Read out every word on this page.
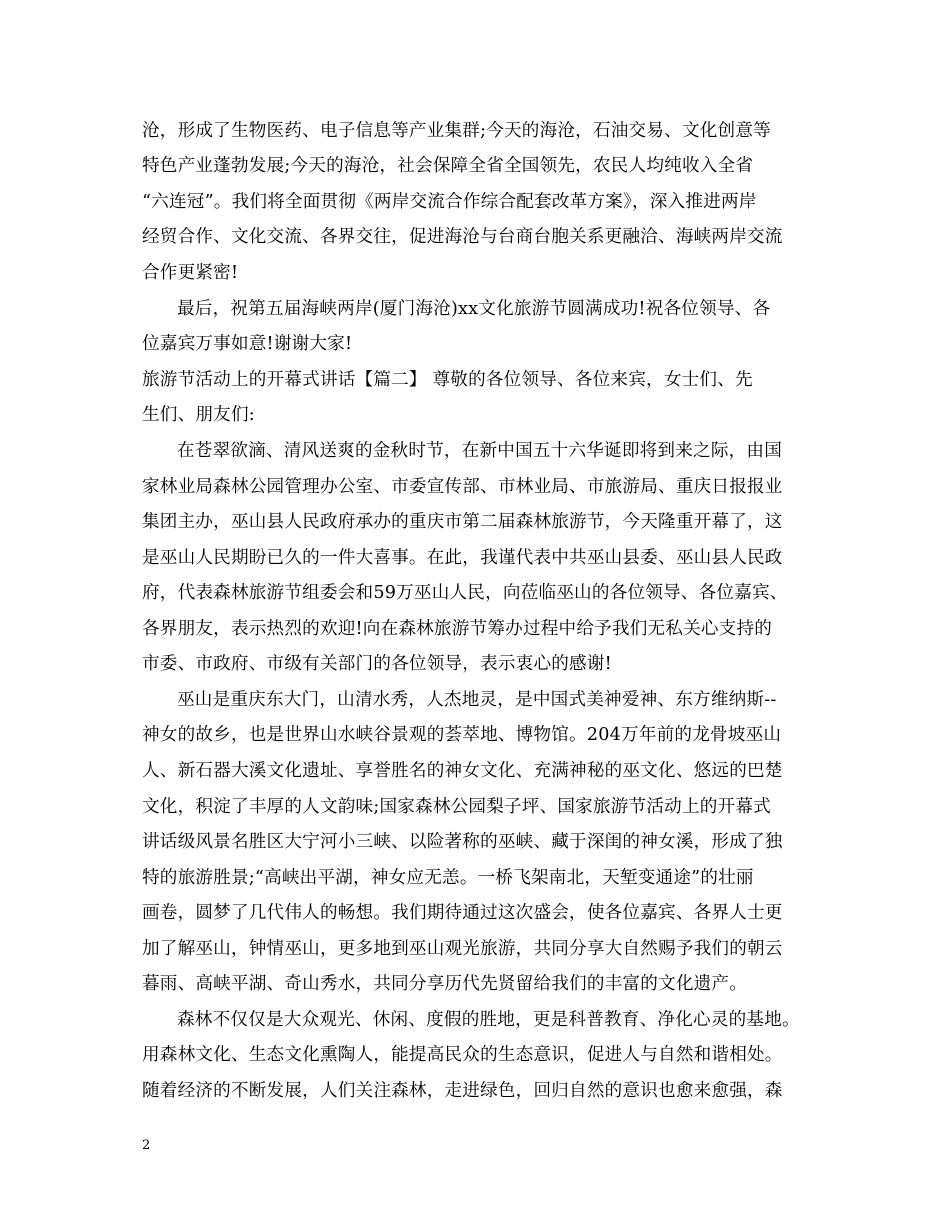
沧，形成了生物医药、电子信息等产业集群;今天的海沧，石油交易、文化创意等
特色产业蓬勃发展;今天的海沧，社会保障全省全国领先，农民人均纯收入全省
“六连冠”。我们将全面贯彻《两岸交流合作综合配套改革方案》，深入推进两岸
经贸合作、文化交流、各界交往，促进海沧与台商台胞关系更融洽、海峡两岸交流
合作更紧密!
最后，祝第五届海峡两岸(厦门海沧)xx文化旅游节圆满成功!祝各位领导、各
位嘉宾万事如意!谢谢大家!
旅游节活动上的开幕式讲话【篇二】 尊敬的各位领导、各位来宾，女士们、先
生们、朋友们:
在苍翠欲滴、清风送爽的金秋时节，在新中国五十六华诞即将到来之际，由国
家林业局森林公园管理办公室、市委宣传部、市林业局、市旅游局、重庆日报报业
集团主办，巫山县人民政府承办的重庆市第二届森林旅游节，今天隆重开幕了，这
是巫山人民期盼已久的一件大喜事。在此，我谨代表中共巫山县委、巫山县人民政
府，代表森林旅游节组委会和59万巫山人民，向莅临巫山的各位领导、各位嘉宾、
各界朋友，表示热烈的欢迎!向在森林旅游节筹办过程中给予我们无私关心支持的
市委、市政府、市级有关部门的各位领导，表示衷心的感谢!
巫山是重庆东大门，山清水秀，人杰地灵，是中国式美神爱神、东方维纳斯--
神女的故乡，也是世界山水峡谷景观的荟萃地、博物馆。204万年前的龙骨坡巫山
人、新石器大溪文化遗址、享誉胜名的神女文化、充满神秘的巫文化、悠远的巴楚
文化，积淀了丰厚的人文韵味;国家森林公园梨子坪、国家旅游节活动上的开幕式
讲话级风景名胜区大宁河小三峡、以险著称的巫峡、藏于深闺的神女溪，形成了独
特的旅游胜景;“高峡出平湖，神女应无恙。一桥飞架南北，天堑变通途”的壮丽
画卷，圆梦了几代伟人的畅想。我们期待通过这次盛会，使各位嘉宾、各界人士更
加了解巫山，钟情巫山，更多地到巫山观光旅游，共同分享大自然赐予我们的朝云
暮雨、高峡平湖、奇山秀水，共同分享历代先贤留给我们的丰富的文化遗产。
森林不仅仅是大众观光、休闲、度假的胜地，更是科普教育、净化心灵的基地。
用森林文化、生态文化熏陶人，能提高民众的生态意识，促进人与自然和谐相处。
随着经济的不断发展，人们关注森林，走进绿色，回归自然的意识也愈来愈强，森
2
